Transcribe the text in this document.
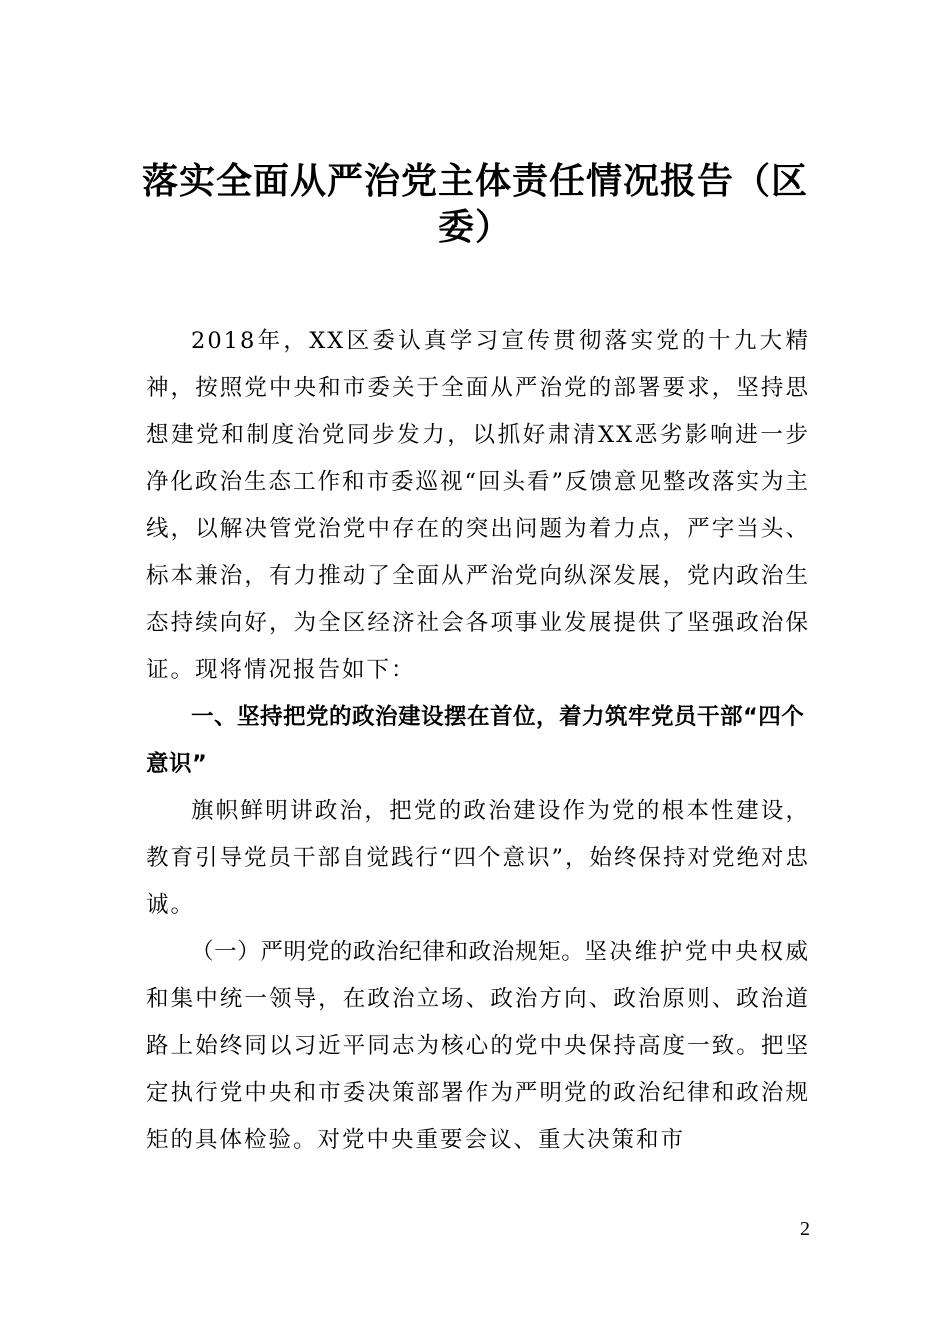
落实全面从严治党主体责任情况报告（区委）

2018年，XX区委认真学习宣传贯彻落实党的十九大精神，按照党中央和市委关于全面从严治党的部署要求，坚持思想建党和制度治党同步发力，以抓好肃清XX恶劣影响进一步净化政治生态工作和市委巡视“回头看”反馈意见整改落实为主线，以解决管党治党中存在的突出问题为着力点，严字当头、标本兼治，有力推动了全面从严治党向纵深发展，党内政治生态持续向好，为全区经济社会各项事业发展提供了坚强政治保证。现将情况报告如下：

一、坚持把党的政治建设摆在首位，着力筑牢党员干部“四个意识”

旗帜鲜明讲政治，把党的政治建设作为党的根本性建设，教育引导党员干部自觉践行“四个意识”，始终保持对党绝对忠诚。

（一）严明党的政治纪律和政治规矩。坚决维护党中央权威和集中统一领导，在政治立场、政治方向、政治原则、政治道路上始终同以习近平同志为核心的党中央保持高度一致。把坚定执行党中央和市委决策部署作为严明党的政治纪律和政治规矩的具体检验。对党中央重要会议、重大决策和市

2
